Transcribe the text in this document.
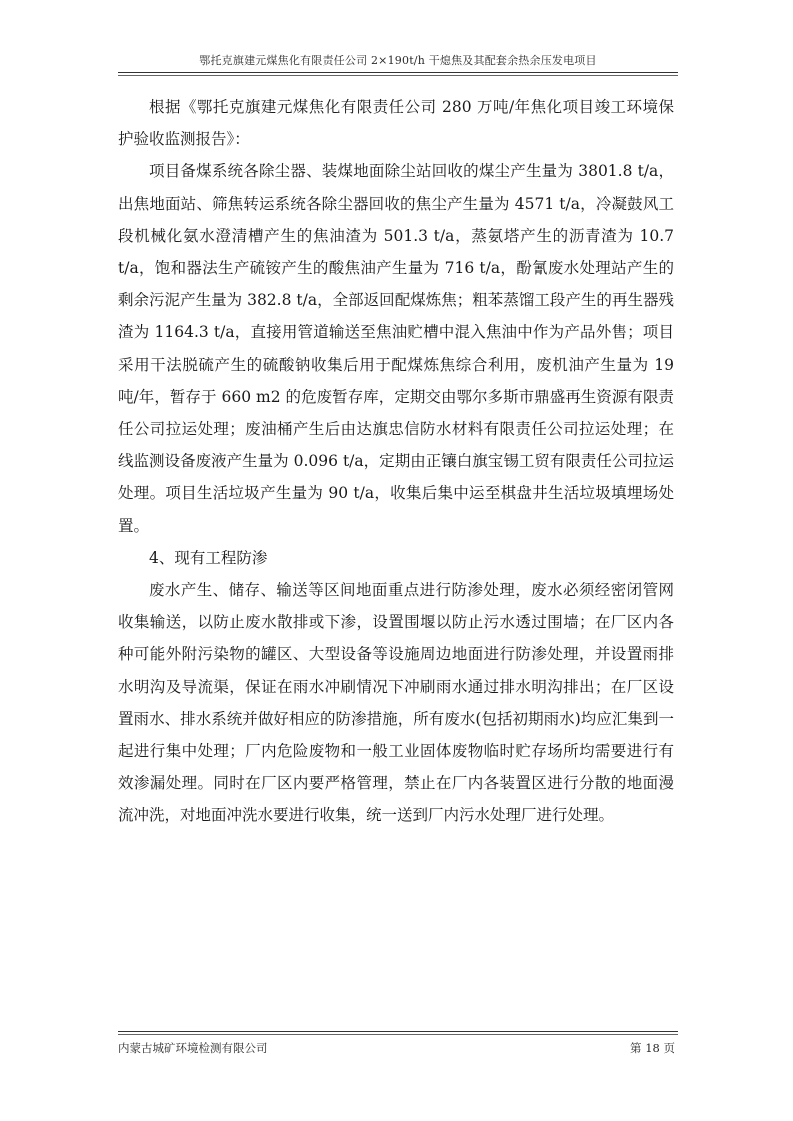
鄂托克旗建元煤焦化有限责任公司 2×190t/h 干熄焦及其配套余热余压发电项目

根据《鄂托克旗建元煤焦化有限责任公司 280 万吨/年焦化项目竣工环境保护验收监测报告》：

项目备煤系统各除尘器、装煤地面除尘站回收的煤尘产生量为 3801.8 t/a，出焦地面站、筛焦转运系统各除尘器回收的焦尘产生量为 4571 t/a，冷凝鼓风工段机械化氨水澄清槽产生的焦油渣为 501.3 t/a，蒸氨塔产生的沥青渣为 10.7 t/a，饱和器法生产硫铵产生的酸焦油产生量为 716 t/a，酚氰废水处理站产生的剩余污泥产生量为 382.8 t/a，全部返回配煤炼焦；粗苯蒸馏工段产生的再生器残渣为 1164.3 t/a，直接用管道输送至焦油贮槽中混入焦油中作为产品外售；项目采用干法脱硫产生的硫酸钠收集后用于配煤炼焦综合利用，废机油产生量为 19 吨/年，暂存于 660 m2 的危废暂存库，定期交由鄂尔多斯市鼎盛再生资源有限责任公司拉运处理；废油桶产生后由达旗忠信防水材料有限责任公司拉运处理；在线监测设备废液产生量为 0.096 t/a，定期由正镶白旗宝锡工贸有限责任公司拉运处理。项目生活垃圾产生量为 90 t/a，收集后集中运至棋盘井生活垃圾填埋场处置。

4、现有工程防渗

废水产生、储存、输送等区间地面重点进行防渗处理，废水必须经密闭管网收集输送，以防止废水散排或下渗，设置围堰以防止污水透过围墙；在厂区内各种可能外附污染物的罐区、大型设备等设施周边地面进行防渗处理，并设置雨排水明沟及导流渠，保证在雨水冲刷情况下冲刷雨水通过排水明沟排出；在厂区设置雨水、排水系统并做好相应的防渗措施，所有废水(包括初期雨水)均应汇集到一起进行集中处理；厂内危险废物和一般工业固体废物临时贮存场所均需要进行有效渗漏处理。同时在厂区内要严格管理，禁止在厂内各装置区进行分散的地面漫流冲洗，对地面冲洗水要进行收集，统一送到厂内污水处理厂进行处理。

内蒙古城矿环境检测有限公司	第 18 页
